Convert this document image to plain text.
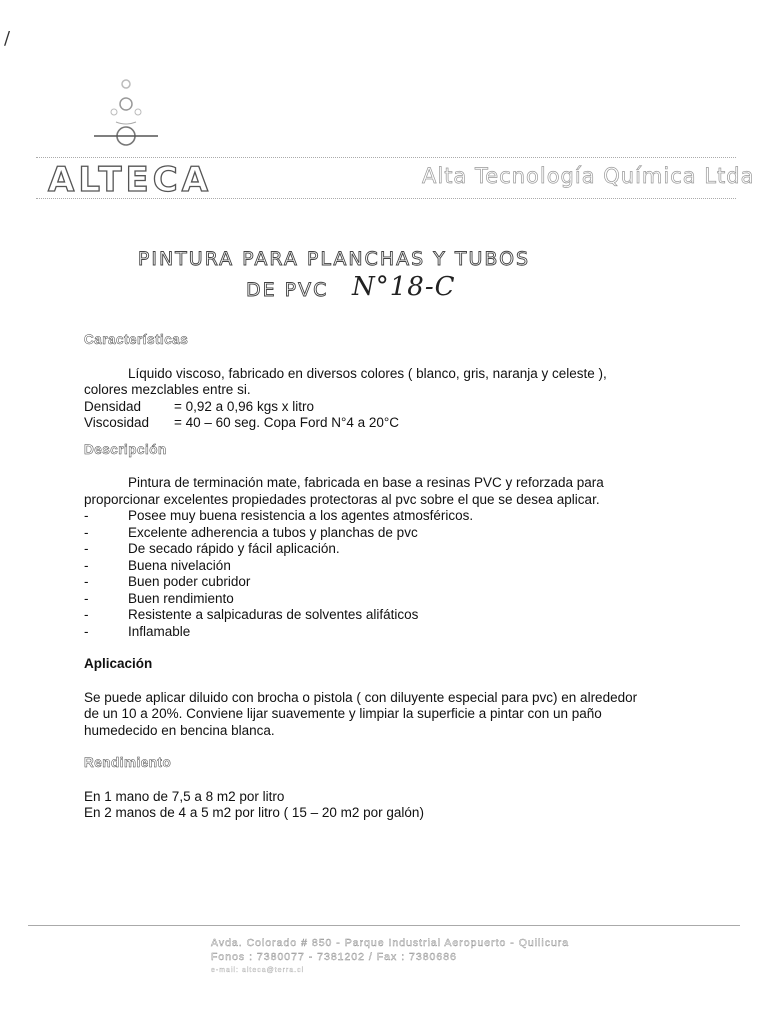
/
ALTECA	Alta Tecnología Química Ltda
PINTURA PARA PLANCHAS Y TUBOS
DE PVC N°18-C

Características

Líquido viscoso, fabricado en diversos colores ( blanco, gris, naranja y celeste ), colores mezclables entre si.

Densidad	= 0,92 a 0,96 kgs x litro
Viscosidad	= 40 – 60 seg. Copa Ford N°4 a 20°C

Descripción

Pintura de terminación mate, fabricada en base a resinas PVC y reforzada para proporcionar excelentes propiedades protectoras al pvc sobre el que se desea aplicar.

-	Posee muy buena resistencia a los agentes atmosféricos.
-	Excelente adherencia a tubos y planchas de pvc
-	De secado rápido y fácil aplicación.
-	Buena nivelación
-	Buen poder cubridor
-	Buen rendimiento
-	Resistente a salpicaduras de solventes alifáticos
-	Inflamable

Aplicación

Se puede aplicar diluido con brocha o pistola ( con diluyente especial para pvc) en alrededor de un 10 a 20%. Conviene lijar suavemente y limpiar la superficie a pintar con un paño humedecido en bencina blanca.

Rendimiento

En 1 mano de 7,5 a 8 m2 por litro

En 2 manos de 4 a 5 m2 por litro ( 15 – 20 m2 por galón)

Avda. Colorado # 850 - Parque Industrial Aeropuerto - Quilicura
Fonos : 7380077 - 7381202 / Fax : 7380686
e-mail: alteca@terra.cl
